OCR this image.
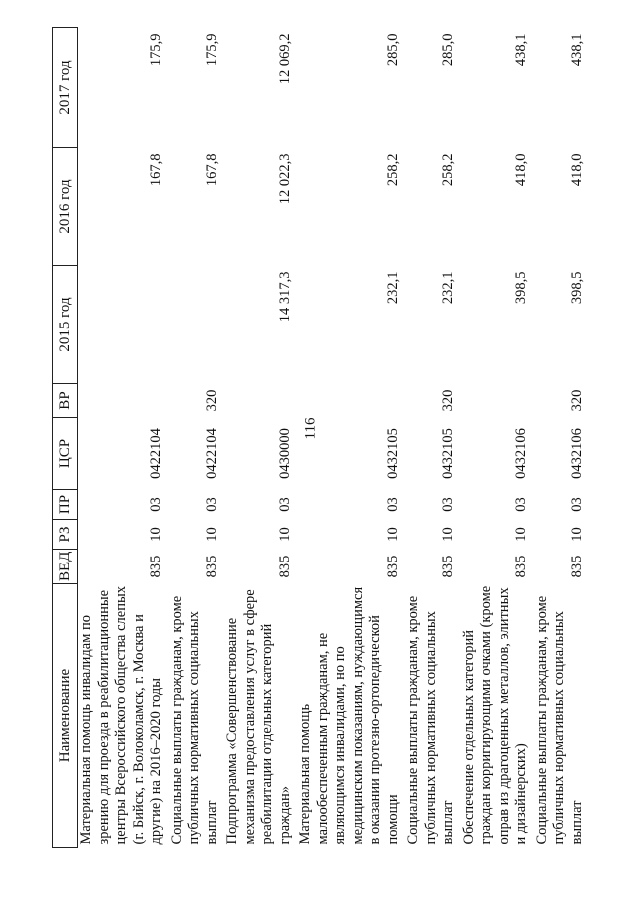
116
Наименование	ВЕД	РЗ	ПР	ЦСР	ВР	2015 год	2016 год	2017 год
Материальная помощь инвалидам по зрению для проезда в реабилитационные центры Всероссийского общества слепых (г. Бийск, г. Волоколамск, г. Москва и другие) на 2016–2020 годы	835	10	03	0422104			167,8	175,9
Социальные выплаты гражданам, кроме публичных нормативных социальных выплат	835	10	03	0422104	320		167,8	175,9
Подпрограмма «Совершенствование механизма предоставления услуг в сфере реабилитации отдельных категорий граждан»	835	10	03	0430000		14 317,3	12 022,3	12 069,2
Материальная помощь малообеспеченным гражданам, не являющимся инвалидами, но по медицинским показаниям, нуждающимся в оказании протезно-ортопедической помощи	835	10	03	0432105		232,1	258,2	285,0
Социальные выплаты гражданам, кроме публичных нормативных социальных выплат	835	10	03	0432105	320	232,1	258,2	285,0
Обеспечение отдельных категорий граждан корригирующими очками (кроме оправ из драгоценных металлов, элитных и дизайнерских)	835	10	03	0432106		398,5	418,0	438,1
Социальные выплаты гражданам, кроме публичных нормативных социальных выплат	835	10	03	0432106	320	398,5	418,0	438,1
